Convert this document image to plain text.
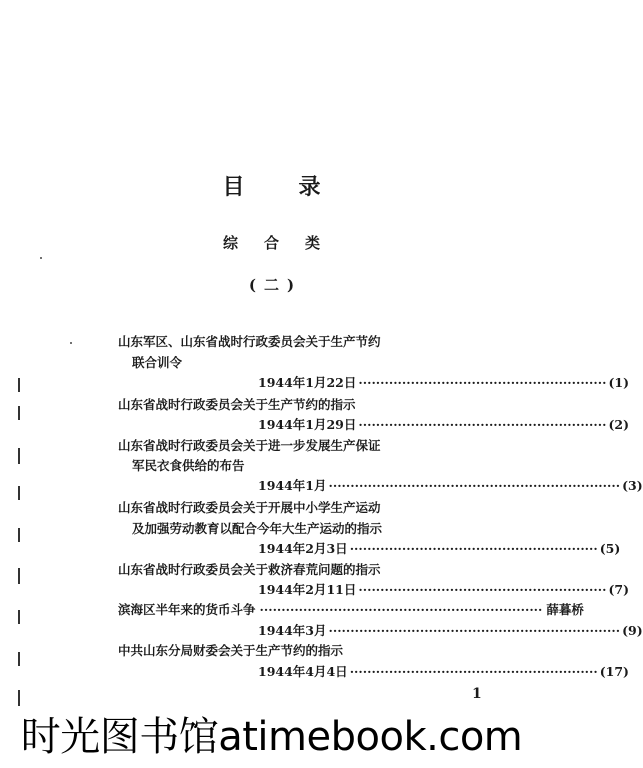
目录
综合类
(二)
山东军区、山东省战时行政委员会关于生产节约
联合训令
1944年1月22日 ························································· (1)
山东省战时行政委员会关于生产节约的指示
1944年1月29日 ························································· (2)
山东省战时行政委员会关于进一步发展生产保证
军民衣食供给的布告
1944年1月 ··································································· (3)
山东省战时行政委员会关于开展中小学生产运动
及加强劳动教育以配合今年大生产运动的指示
1944年2月3日 ························································· (5)
山东省战时行政委员会关于救济春荒问题的指示
1944年2月11日 ························································· (7)
滨海区半年来的货币斗争 ································································· 薛暮桥
1944年3月 ··································································· (9)
中共山东分局财委会关于生产节约的指示
1944年4月4日 ························································· (17)
1
时光图书馆atimebook.com
